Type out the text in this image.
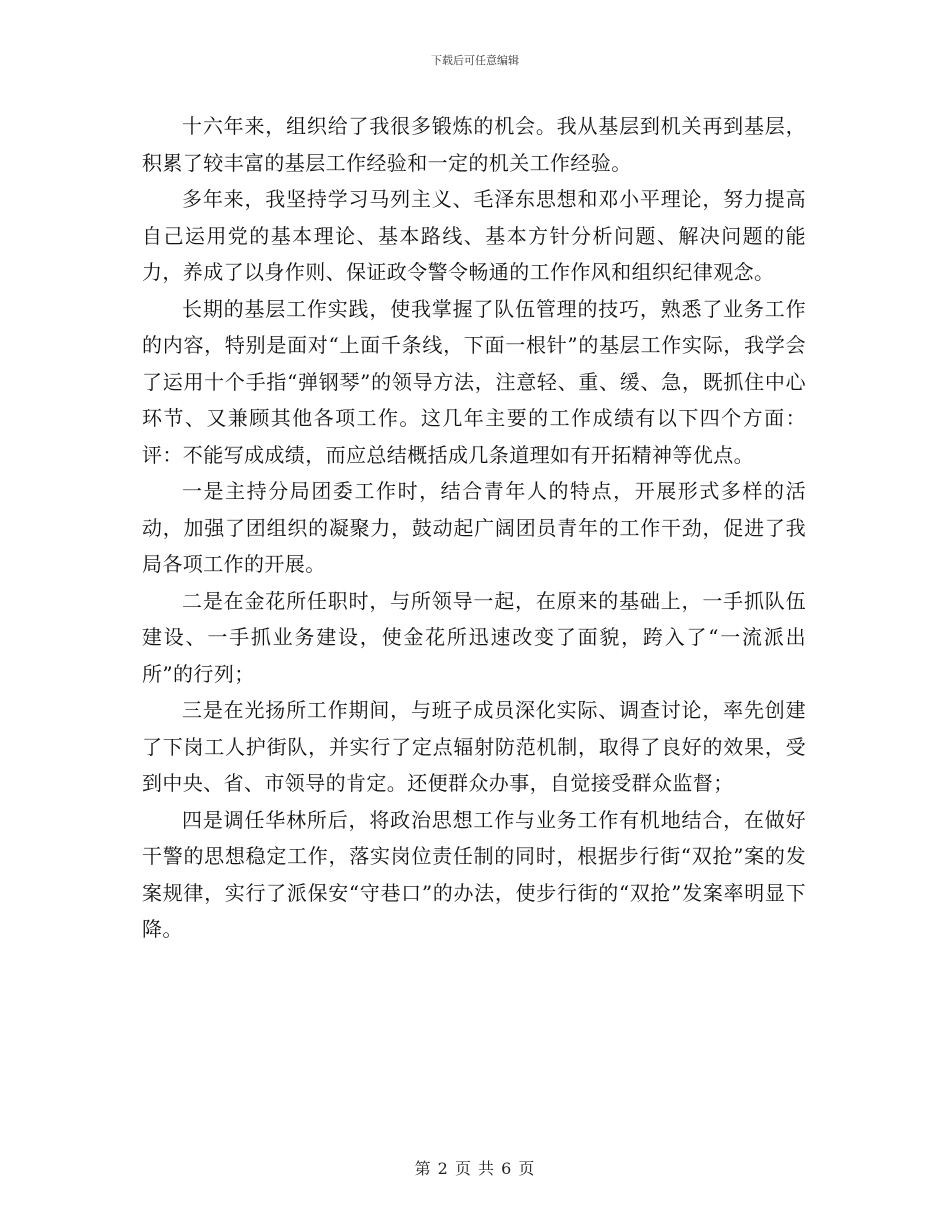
下载后可任意编辑

十六年来，组织给了我很多锻炼的机会。我从基层到机关再到基层，积累了较丰富的基层工作经验和一定的机关工作经验。

多年来，我坚持学习马列主义、毛泽东思想和邓小平理论，努力提高自己运用党的基本理论、基本路线、基本方针分析问题、解决问题的能力，养成了以身作则、保证政令警令畅通的工作作风和组织纪律观念。

长期的基层工作实践，使我掌握了队伍管理的技巧，熟悉了业务工作的内容，特别是面对“上面千条线，下面一根针”的基层工作实际，我学会了运用十个手指“弹钢琴”的领导方法，注意轻、重、缓、急，既抓住中心环节、又兼顾其他各项工作。这几年主要的工作成绩有以下四个方面：评：不能写成成绩，而应总结概括成几条道理如有开拓精神等优点。

一是主持分局团委工作时，结合青年人的特点，开展形式多样的活动，加强了团组织的凝聚力，鼓动起广阔团员青年的工作干劲，促进了我局各项工作的开展。

二是在金花所任职时，与所领导一起，在原来的基础上，一手抓队伍建设、一手抓业务建设，使金花所迅速改变了面貌，跨入了“一流派出所”的行列；

三是在光扬所工作期间，与班子成员深化实际、调查讨论，率先创建了下岗工人护街队，并实行了定点辐射防范机制，取得了良好的效果，受到中央、省、市领导的肯定。还便群众办事，自觉接受群众监督；

四是调任华林所后，将政治思想工作与业务工作有机地结合，在做好干警的思想稳定工作，落实岗位责任制的同时，根据步行街“双抢”案的发案规律，实行了派保安“守巷口”的办法，使步行街的“双抢”发案率明显下降。

第 2 页 共 6 页
